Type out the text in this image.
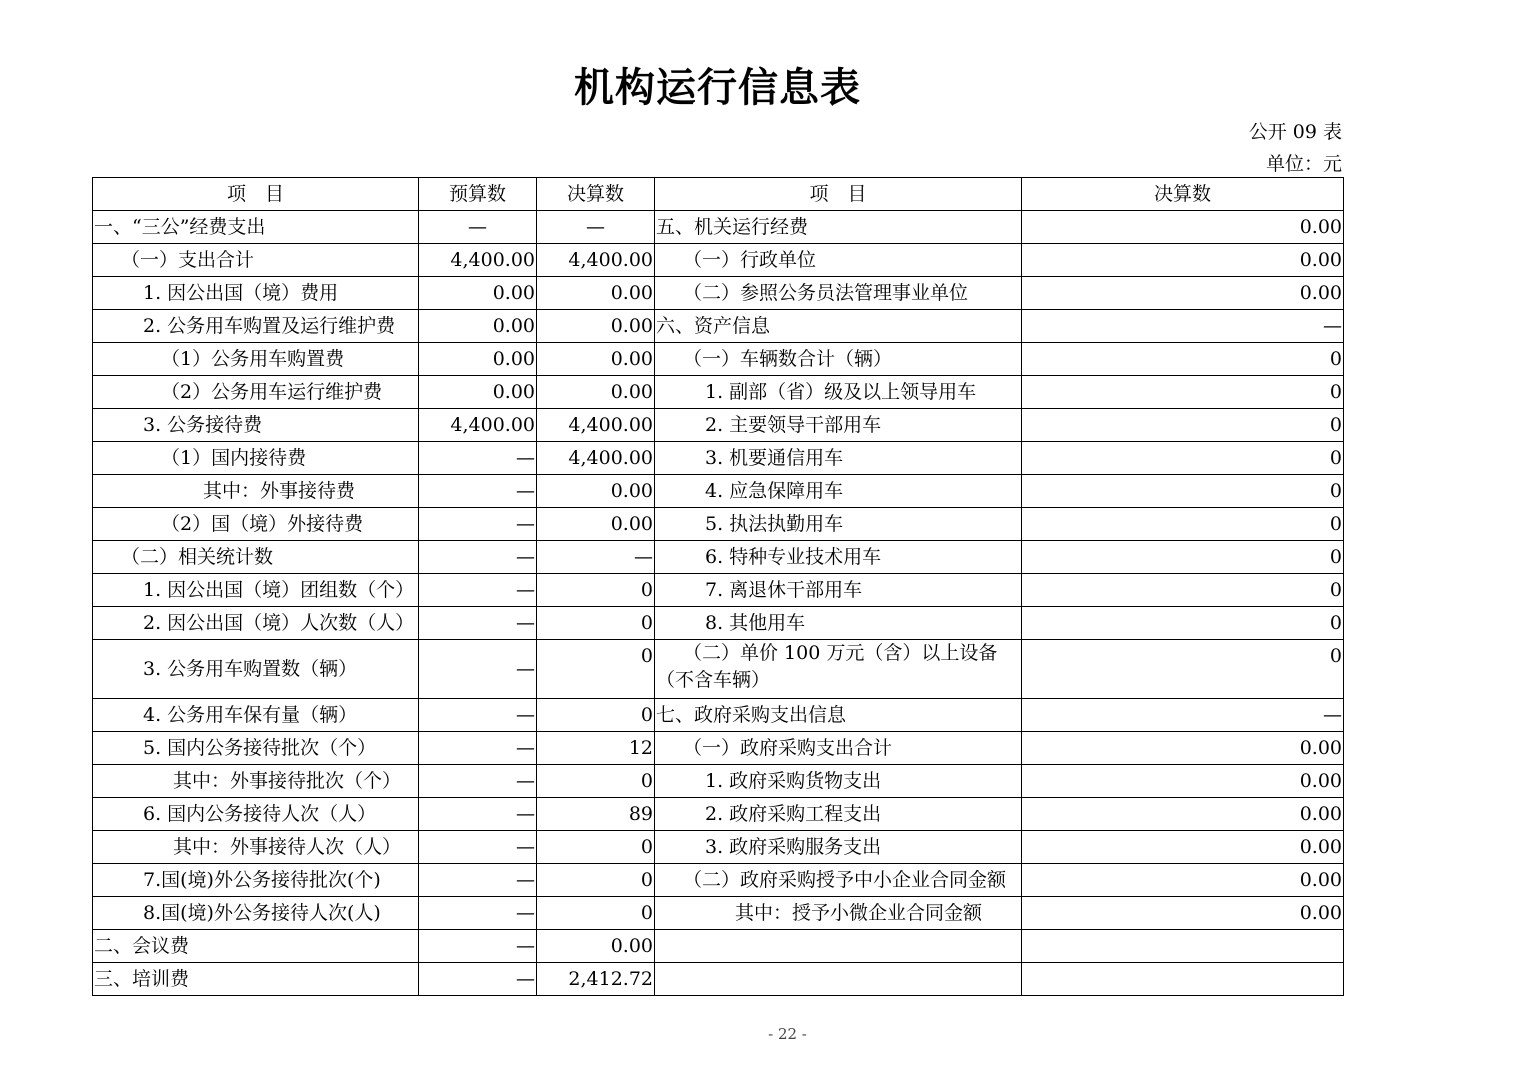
机构运行信息表
公开 09 表
单位：元
项　目	预算数	决算数	项　目	决算数
一、“三公”经费支出	—	—	五、机关运行经费	0.00
（一）支出合计	4,400.00	4,400.00	（一）行政单位	0.00
1. 因公出国（境）费用	0.00	0.00	（二）参照公务员法管理事业单位	0.00
2. 公务用车购置及运行维护费	0.00	0.00	六、资产信息	—
（1）公务用车购置费	0.00	0.00	（一）车辆数合计（辆）	0
（2）公务用车运行维护费	0.00	0.00	1. 副部（省）级及以上领导用车	0
3. 公务接待费	4,400.00	4,400.00	2. 主要领导干部用车	0
（1）国内接待费	—	4,400.00	3. 机要通信用车	0
其中：外事接待费	—	0.00	4. 应急保障用车	0
（2）国（境）外接待费	—	0.00	5. 执法执勤用车	0
（二）相关统计数	—	—	6. 特种专业技术用车	0
1. 因公出国（境）团组数（个）	—	0	7. 离退休干部用车	0
2. 因公出国（境）人次数（人）	—	0	8. 其他用车	0
3. 公务用车购置数（辆）	—	0	（二）单价 100 万元（含）以上设备（不含车辆）	0
4. 公务用车保有量（辆）	—	0	七、政府采购支出信息	—
5. 国内公务接待批次（个）	—	12	（一）政府采购支出合计	0.00
其中：外事接待批次（个）	—	0	1. 政府采购货物支出	0.00
6. 国内公务接待人次（人）	—	89	2. 政府采购工程支出	0.00
其中：外事接待人次（人）	—	0	3. 政府采购服务支出	0.00
7.国(境)外公务接待批次(个)	—	0	（二）政府采购授予中小企业合同金额	0.00
8.国(境)外公务接待人次(人)	—	0	其中：授予小微企业合同金额	0.00
二、会议费	—	0.00		
三、培训费	—	2,412.72		
- 22 -
